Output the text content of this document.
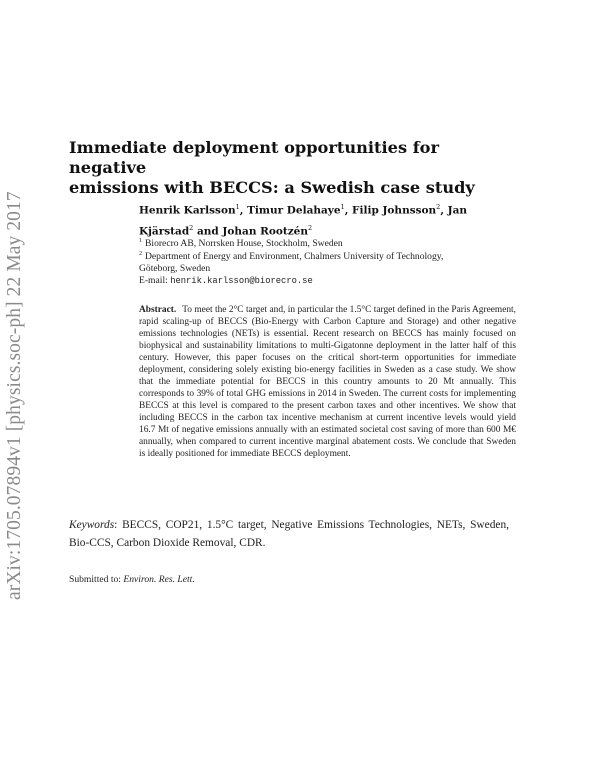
arXiv:1705.07894v1 [physics.soc-ph] 22 May 2017
Immediate deployment opportunities for negative
emissions with BECCS: a Swedish case study
Henrik Karlsson$^1$, Timur Delahaye$^1$, Filip Johnsson$^2$, Jan
Kjärstad$^2$ and Johan Rootzén$^2$
$^1$ Biorecro AB, Norrsken House, Stockholm, Sweden
$^2$ Department of Energy and Environment, Chalmers University of Technology,
Göteborg, Sweden
E-mail: henrik.karlsson@biorecro.se
Abstract. To meet the 2°C target and, in particular the 1.5°C target defined in the Paris Agreement, rapid scaling-up of BECCS (Bio-Energy with Carbon Capture and Storage) and other negative emissions technologies (NETs) is essential. Recent research on BECCS has mainly focused on biophysical and sustainability limitations to multi-Gigatonne deployment in the latter half of this century. However, this paper focuses on the critical short-term opportunities for immediate deployment, considering solely existing bio-energy facilities in Sweden as a case study. We show that the immediate potential for BECCS in this country amounts to 20 Mt annually. This corresponds to 39% of total GHG emissions in 2014 in Sweden. The current costs for implementing BECCS at this level is compared to the present carbon taxes and other incentives. We show that including BECCS in the carbon tax incentive mechanism at current incentive levels would yield 16.7 Mt of negative emissions annually with an estimated societal cost saving of more than 600 M€ annually, when compared to current incentive marginal abatement costs. We conclude that Sweden is ideally positioned for immediate BECCS deployment.
Keywords: BECCS, COP21, 1.5°C target, Negative Emissions Technologies, NETs, Sweden, Bio-CCS, Carbon Dioxide Removal, CDR.
Submitted to: Environ. Res. Lett.
